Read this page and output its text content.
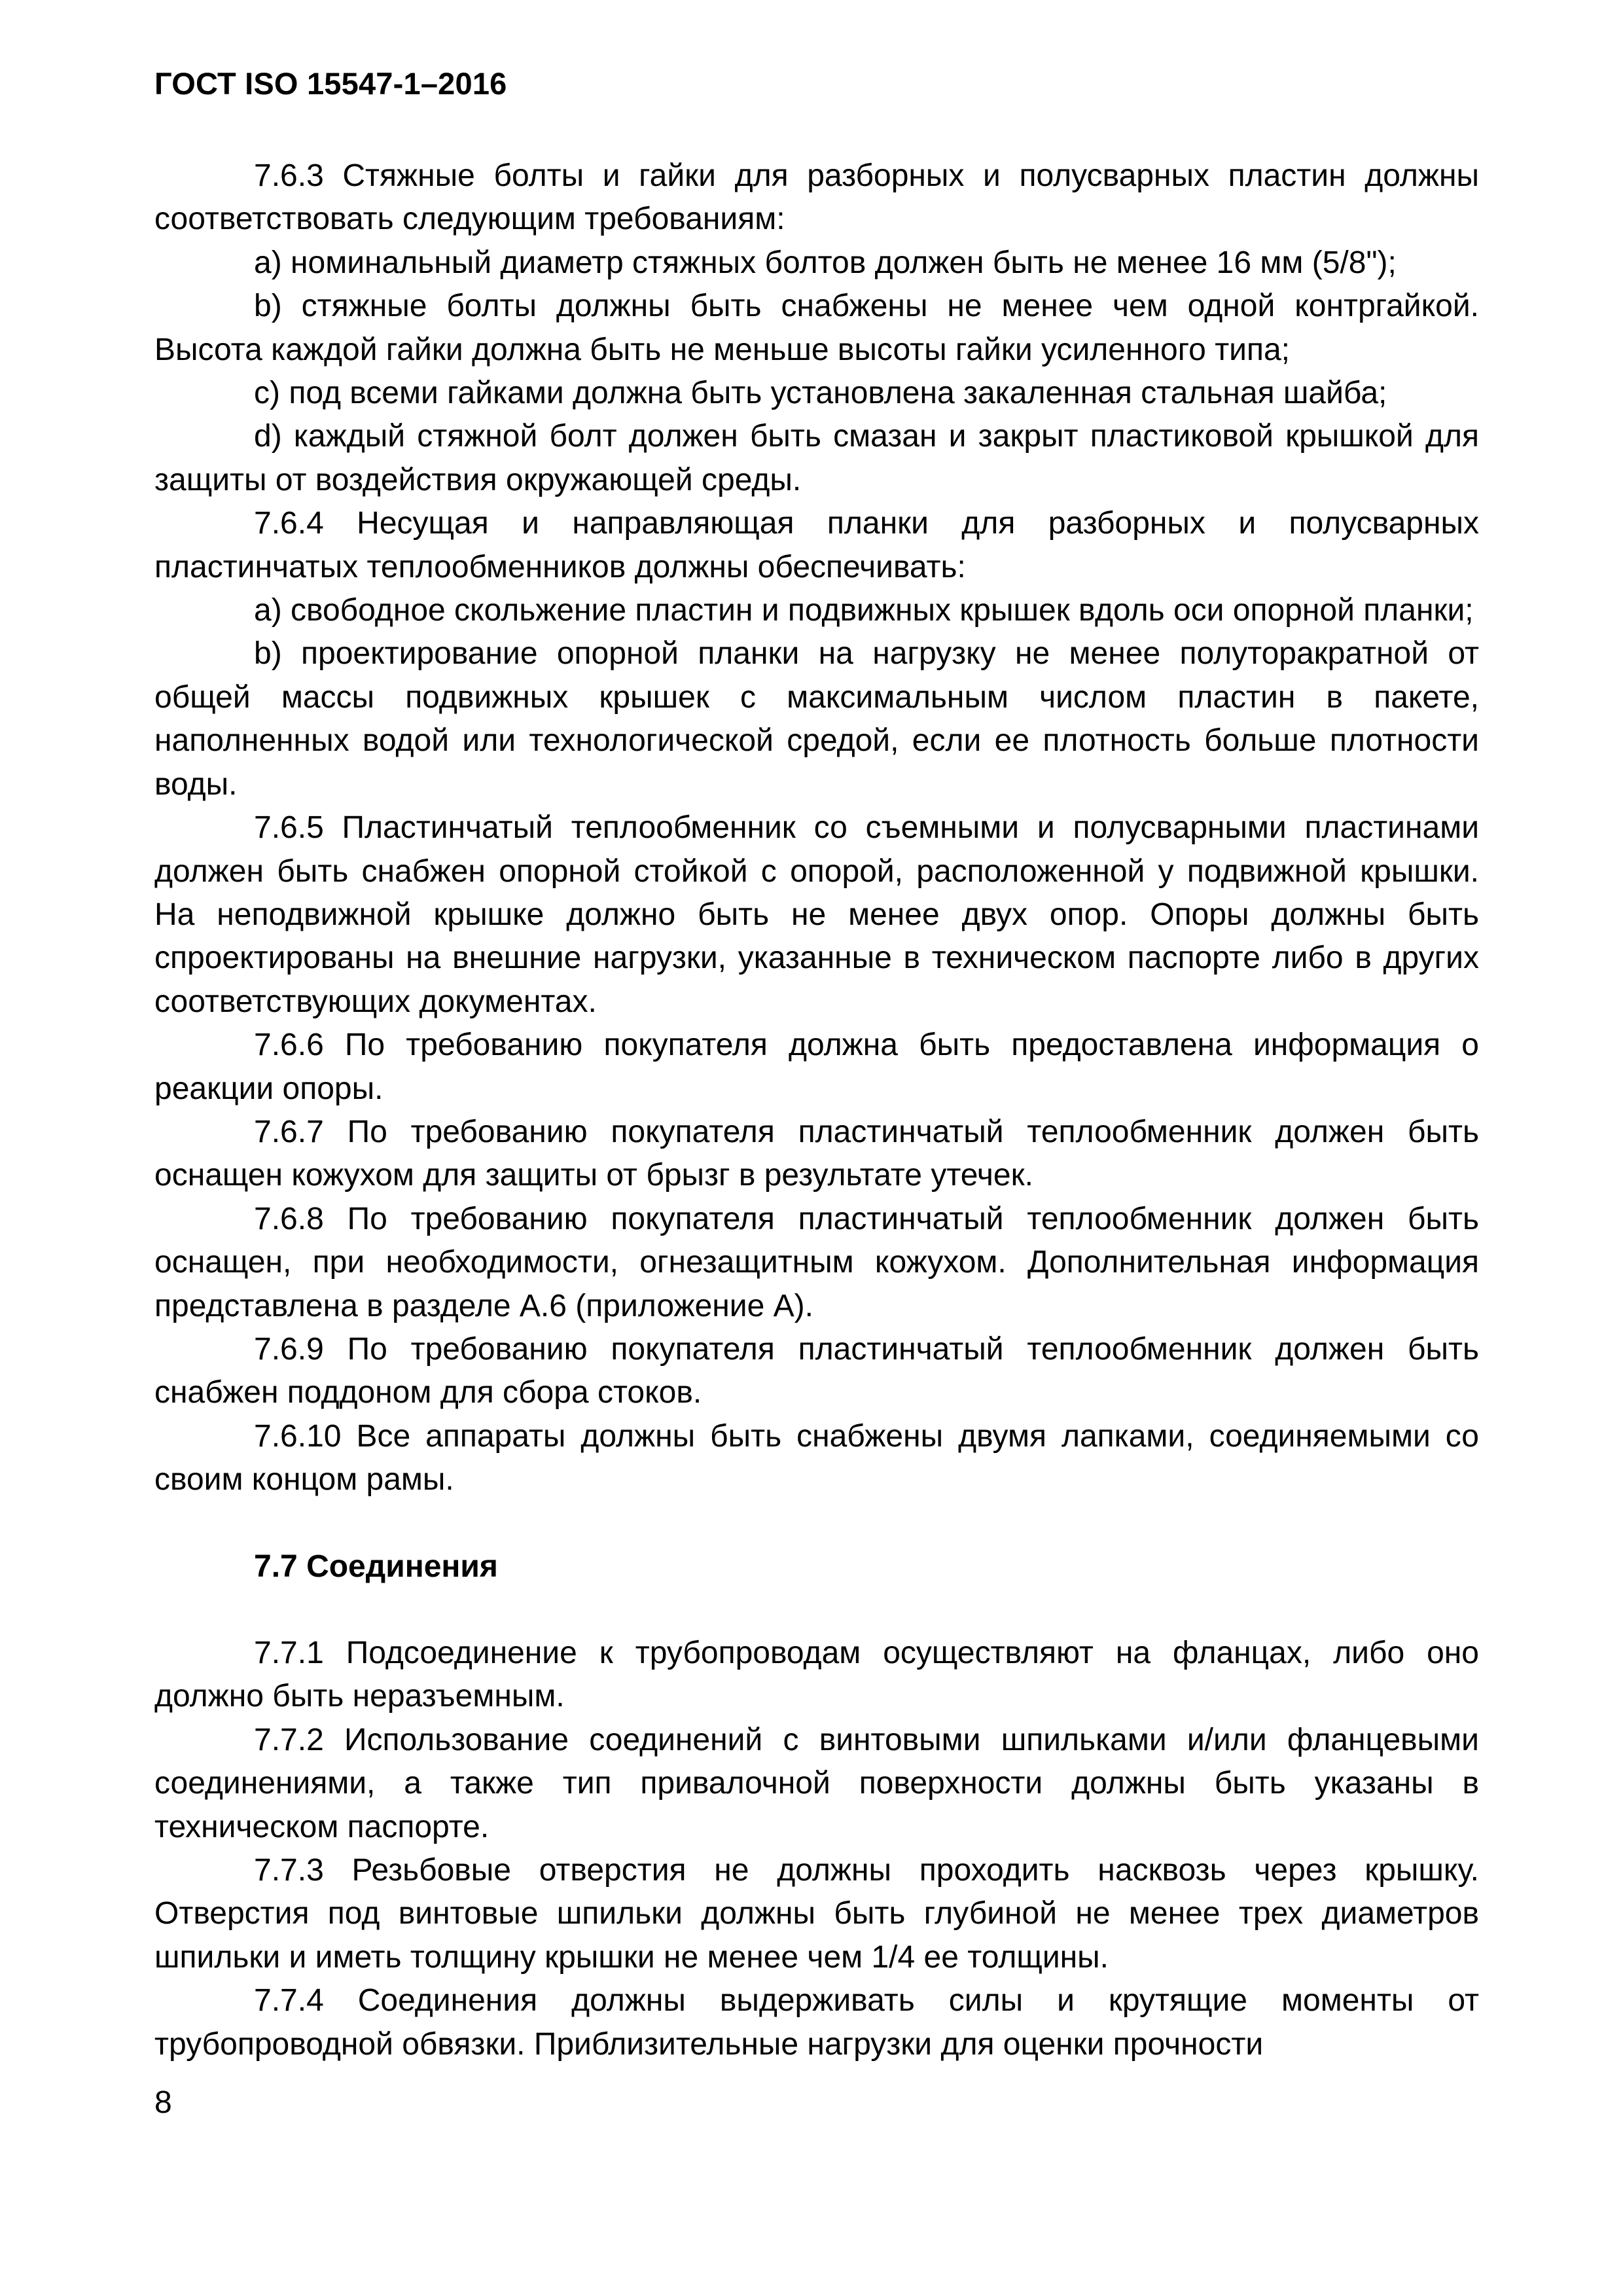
ГОСТ ISO 15547-1–2016

7.6.3 Стяжные болты и гайки для разборных и полусварных пластин должны соответствовать следующим требованиям:

a) номинальный диаметр стяжных болтов должен быть не менее 16 мм (5/8");

b) стяжные болты должны быть снабжены не менее чем одной контргайкой. Высота каждой гайки должна быть не меньше высоты гайки усиленного типа;

c) под всеми гайками должна быть установлена закаленная стальная шайба;

d) каждый стяжной болт должен быть смазан и закрыт пластиковой крышкой для защиты от воздействия окружающей среды.

7.6.4 Несущая и направляющая планки для разборных и полусварных пластинчатых теплообменников должны обеспечивать:

a) свободное скольжение пластин и подвижных крышек вдоль оси опорной планки;

b) проектирование опорной планки на нагрузку не менее полуторакратной от общей массы подвижных крышек с максимальным числом пластин в пакете, наполненных водой или технологической средой, если ее плотность больше плотности воды.

7.6.5 Пластинчатый теплообменник со съемными и полусварными пластинами должен быть снабжен опорной стойкой с опорой, расположенной у подвижной крышки. На неподвижной крышке должно быть не менее двух опор. Опоры должны быть спроектированы на внешние нагрузки, указанные в техническом паспорте либо в других соответствующих документах.

7.6.6 По требованию покупателя должна быть предоставлена информация о реакции опоры.

7.6.7 По требованию покупателя пластинчатый теплообменник должен быть оснащен кожухом для защиты от брызг в результате утечек.

7.6.8 По требованию покупателя пластинчатый теплообменник должен быть оснащен, при необходимости, огнезащитным кожухом. Дополнительная информация представлена в разделе А.6 (приложение А).

7.6.9 По требованию покупателя пластинчатый теплообменник должен быть снабжен поддоном для сбора стоков.

7.6.10 Все аппараты должны быть снабжены двумя лапками, соединяемыми со своим концом рамы.

7.7 Соединения

7.7.1 Подсоединение к трубопроводам осуществляют на фланцах, либо оно должно быть неразъемным.

7.7.2 Использование соединений с винтовыми шпильками и/или фланцевыми соединениями, а также тип привалочной поверхности должны быть указаны в техническом паспорте.

7.7.3 Резьбовые отверстия не должны проходить насквозь через крышку. Отверстия под винтовые шпильки должны быть глубиной не менее трех диаметров шпильки и иметь толщину крышки не менее чем 1/4 ее толщины.

7.7.4 Соединения должны выдерживать силы и крутящие моменты от трубопроводной обвязки. Приблизительные нагрузки для оценки прочности

8
